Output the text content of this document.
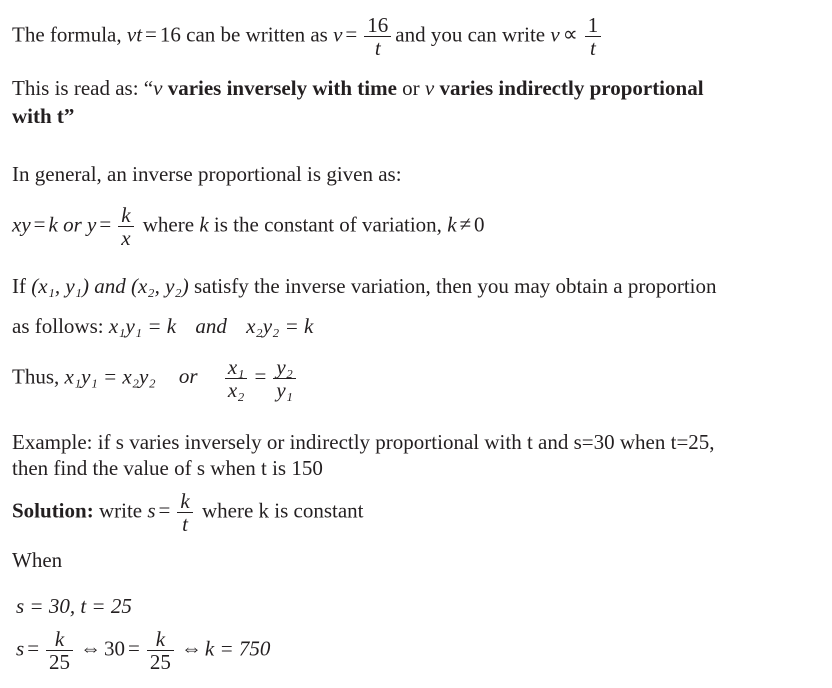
The formula, vt = 16 can be written as $v = \frac{16}{t}$ and you can write $v \propto \frac{1}{t}$
This is read as: “v varies inversely with time or v varies indirectly proportional
with t”
In general, an inverse proportional is given as:
xy = k or $y = \frac{k}{x}$ where k is the constant of variation, k ≠ 0
If (x₁, y₁) and (x₂, y₂) satisfy the inverse variation, then you may obtain a proportion
as follows: x₁y₁ = k and x₂y₂ = k
Thus, x₁y₁ = x₂y₂ or $\frac{\text{x₁}}{\text{x₂}} = \frac{\text{y₂}}{\text{y₁}}$
Example: if s varies inversely or indirectly proportional with t and s=30 when t=25,
then find the value of s when t is 150
Solution: write $s = \frac{k}{t}$ where k is constant
When
s = 30, t = 25
$s = \frac{k}{25}$ ⇔ $30 = \frac{k}{25}$ ⇔ k = 750
